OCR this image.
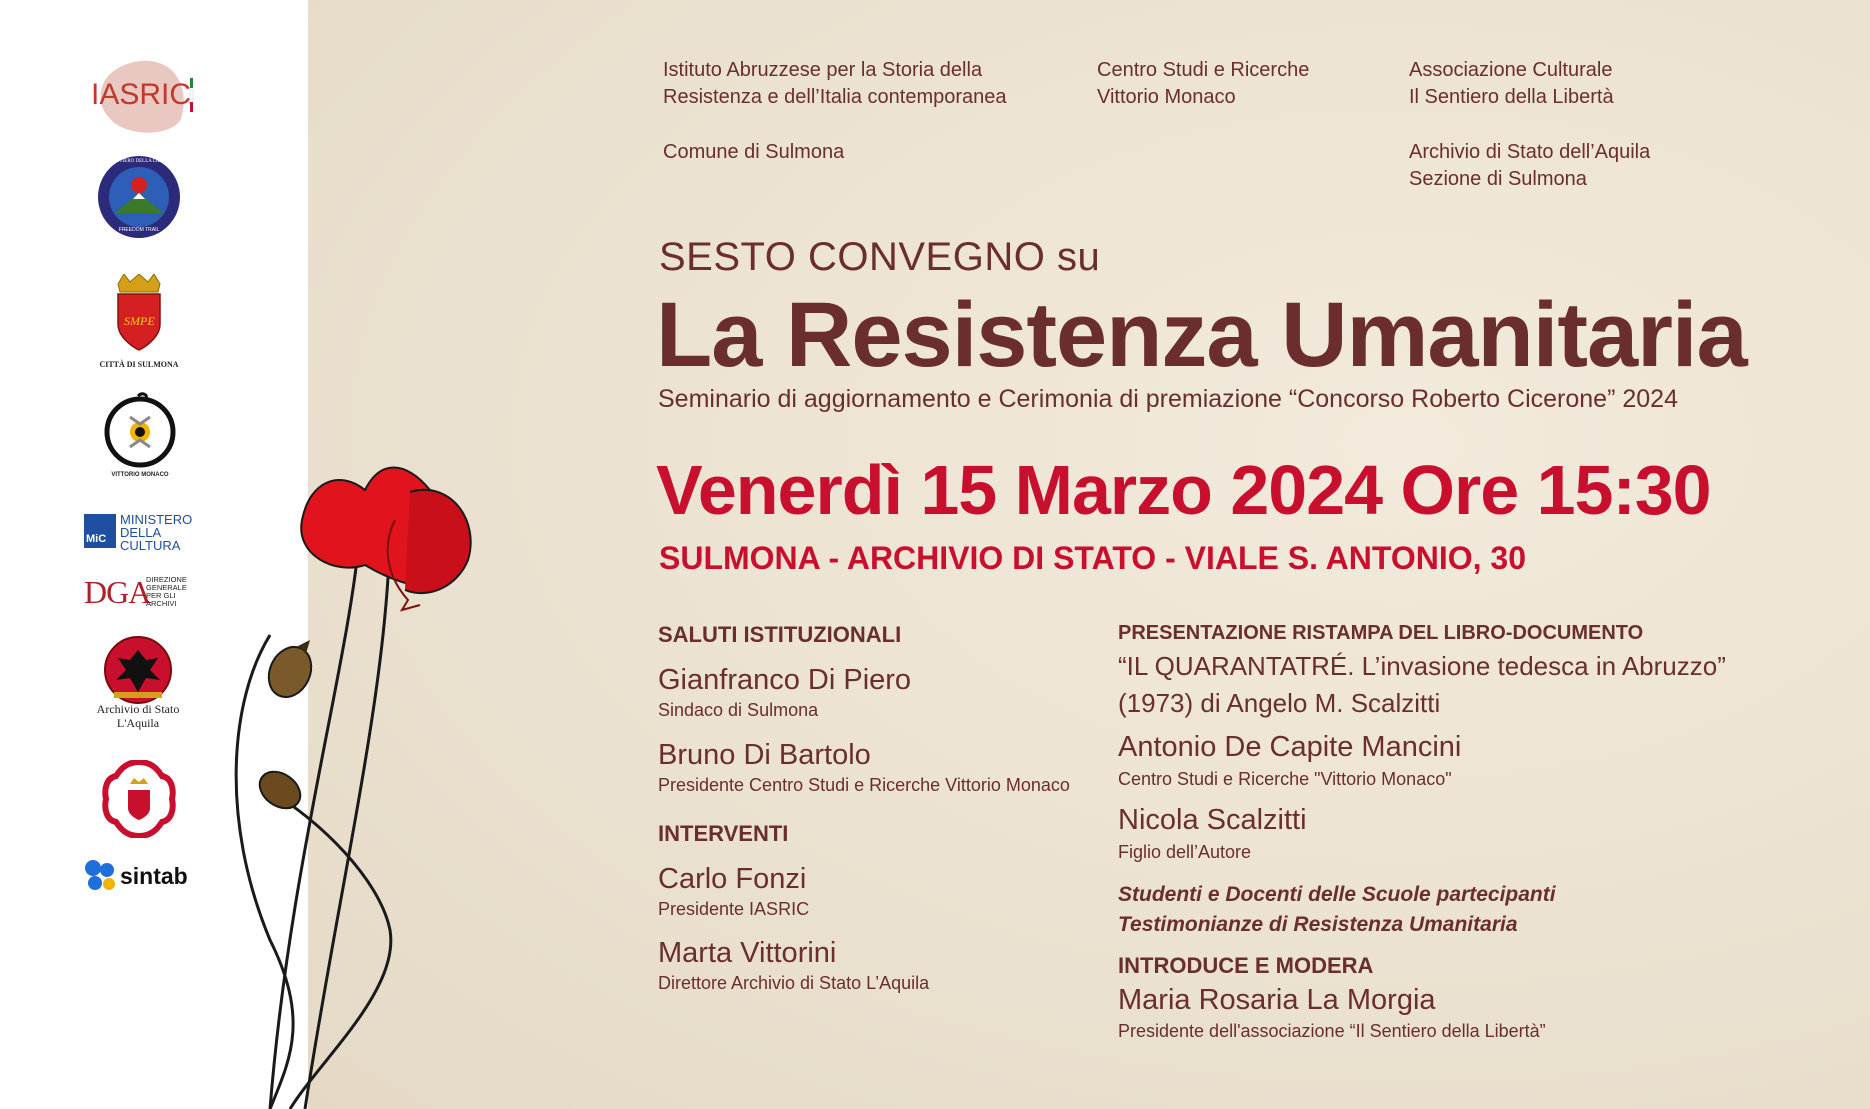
IASRIC
IL SENTIERO DELLA LIBERTÀ
FREEDOM TRAIL
SMPE
CITTÀ DI SULMONA
VITTORIO MONACO
MiC
MINISTERO
DELLA
CULTURA
DGA
DIREZIONE GENERALE PER GLI ARCHIVI
Archivio di Stato
L'Aquila
sintab
Istituto Abruzzese per la Storia della
Resistenza e dell’Italia contemporanea
Centro Studi e Ricerche
Vittorio Monaco
Associazione Culturale
Il Sentiero della Libertà
Comune di Sulmona	Archivio di Stato dell’Aquila
Sezione di Sulmona
SESTO CONVEGNO su
La Resistenza Umanitaria
Seminario di aggiornamento e Cerimonia di premiazione “Concorso Roberto Cicerone” 2024
Venerdì 15 Marzo 2024 Ore 15:30
SULMONA - ARCHIVIO DI STATO - VIALE S. ANTONIO, 30
SALUTI ISTITUZIONALI
Gianfranco Di Piero
Sindaco di Sulmona
Bruno Di Bartolo
Presidente Centro Studi e Ricerche Vittorio Monaco
INTERVENTI
Carlo Fonzi
Presidente IASRIC
Marta Vittorini
Direttore Archivio di Stato L’Aquila
PRESENTAZIONE RISTAMPA DEL LIBRO-DOCUMENTO
“IL QUARANTATRÉ. L’invasione tedesca in Abruzzo”
(1973) di Angelo M. Scalzitti
Antonio De Capite Mancini
Centro Studi e Ricerche "Vittorio Monaco"
Nicola Scalzitti
Figlio dell’Autore
Studenti e Docenti delle Scuole partecipanti
Testimonianze di Resistenza Umanitaria
INTRODUCE E MODERA
Maria Rosaria La Morgia
Presidente dell'associazione “Il Sentiero della Libertà”
